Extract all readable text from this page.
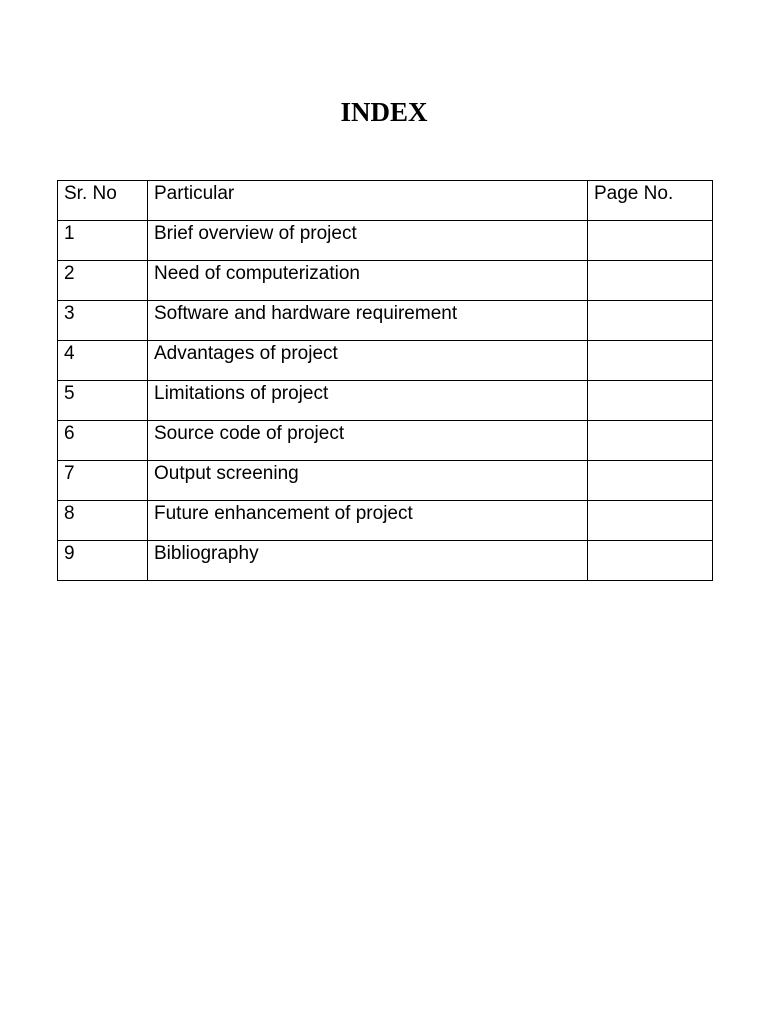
INDEX
Sr. No	Particular	Page No.
1	Brief overview of project	
2	Need of computerization	
3	Software and hardware requirement	
4	Advantages of project	
5	Limitations of project	
6	Source code of project	
7	Output screening	
8	Future enhancement of project	
9	Bibliography	
